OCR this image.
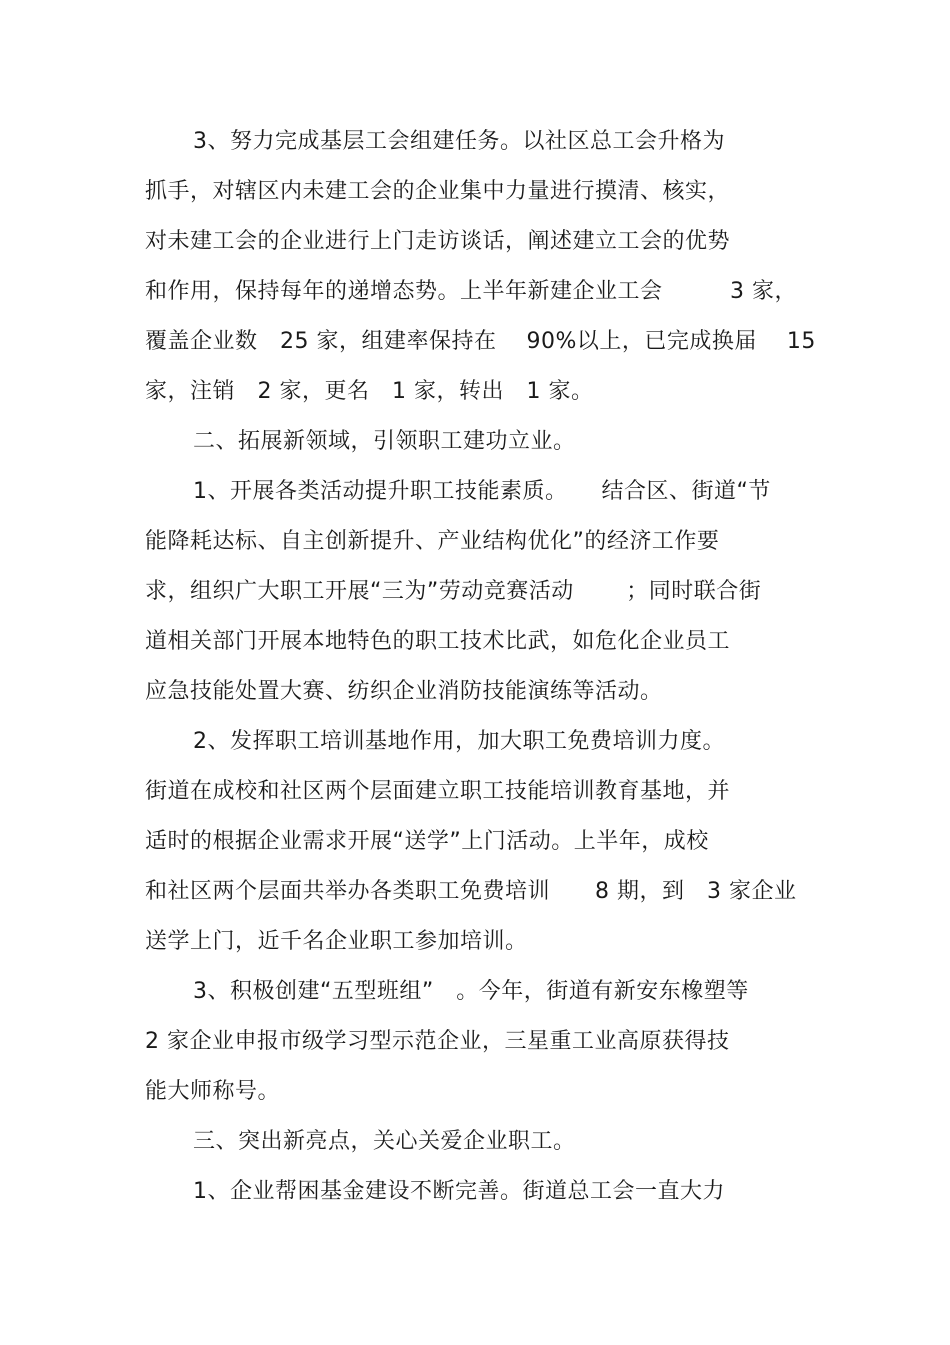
3、努力完成基层工会组建任务。以社区总工会升格为
抓手，对辖区内未建工会的企业集中力量进行摸清、核实，
对未建工会的企业进行上门走访谈话，阐述建立工会的优势
和作用，保持每年的递增态势。上半年新建企业工会　　　3 家，
覆盖企业数　25 家，组建率保持在　 90%以上，已完成换届　 15
家，注销　2 家，更名　1 家，转出　1 家。
二、拓展新领域，引领职工建功立业。
1、开展各类活动提升职工技能素质。　　结合区、街道“节
能降耗达标、自主创新提升、产业结构优化”的经济工作要
求，组织广大职工开展“三为”劳动竞赛活动　　 ；同时联合街
道相关部门开展本地特色的职工技术比武，如危化企业员工
应急技能处置大赛、纺织企业消防技能演练等活动。
2、发挥职工培训基地作用，加大职工免费培训力度。
街道在成校和社区两个层面建立职工技能培训教育基地，并
适时的根据企业需求开展“送学”上门活动。上半年，成校
和社区两个层面共举办各类职工免费培训　　8 期，到　3 家企业
送学上门，近千名企业职工参加培训。
3、积极创建“五型班组”　。今年，街道有新安东橡塑等
2 家企业申报市级学习型示范企业，三星重工业高原获得技
能大师称号。
三、突出新亮点，关心关爱企业职工。
1、企业帮困基金建设不断完善。街道总工会一直大力
